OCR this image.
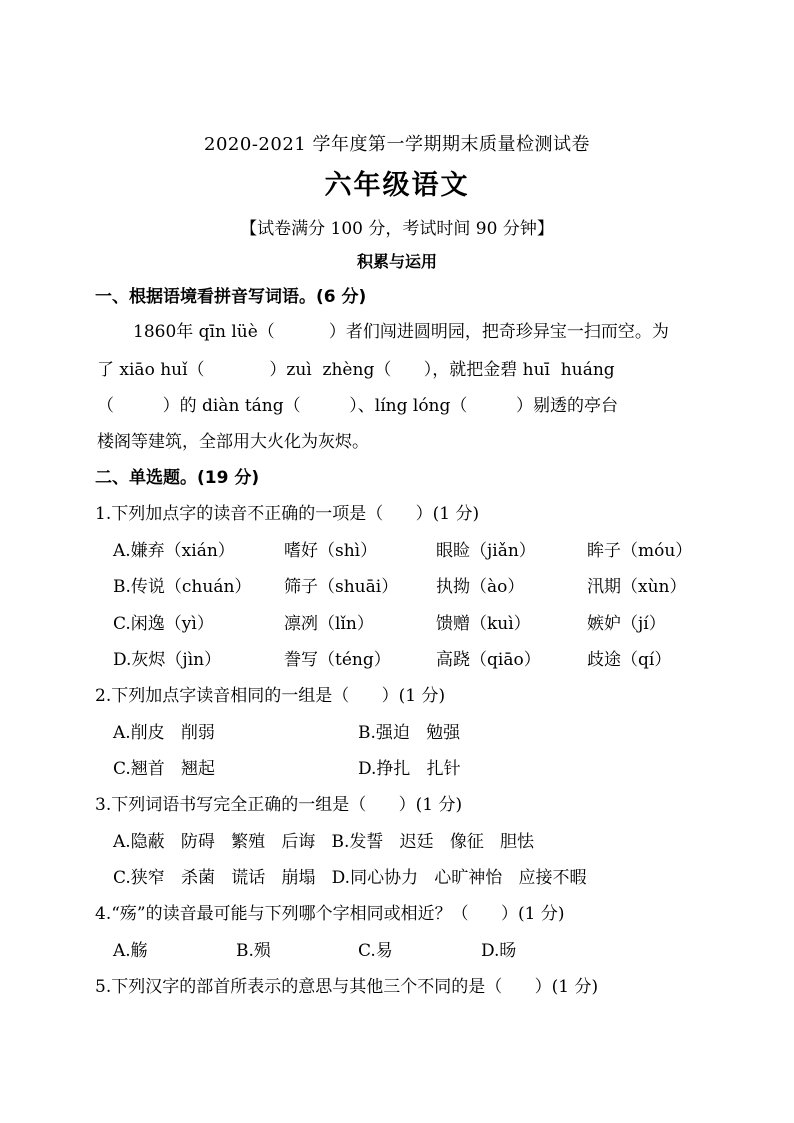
2020-2021 学年度第一学期期末质量检测试卷
六年级语文
【试卷满分 100 分，考试时间 90 分钟】
积累与运用
一、根据语境看拼音写词语。(6 分)
1860年 qīn lüè（          ）者们闯进圆明园，把奇珍异宝一扫而空。为
了 xiāo huǐ（            ）zuì  zhèng（      ），就把金碧 huī  huáng
（         ）的 diàn táng（         ）、líng lóng（         ）剔透的亭台
楼阁等建筑，全部用大火化为灰烬。
二、单选题。(19 分)
1.下列加点字的读音不正确的一项是（      ）(1 分)
A.嫌弃（xián）	嗜好（shì）	眼睑（jiǎn）	眸子（móu）
B.传说（chuán） 筛子（shuāi） 执拗（ào）	汛期（xùn）
C.闲逸（yì）	凛冽（lǐn）	馈赠（kuì）	嫉妒（jí）
D.灰烬（jìn）	誊写（téng）	高跷（qiāo）	歧途（qí）
2.下列加点字读音相同的一组是（      ）(1 分)
A.削皮   削弱	B.强迫   勉强
C.翘首   翘起	D.挣扎   扎针
3.下列词语书写完全正确的一组是（      ）(1 分)
A.隐蔽   防碍   繁殖   后诲   B.发誓   迟廷   像征   胆怯
C.狭窄   杀菌   谎话   崩塌   D.同心协力   心旷神怡   应接不暇
4.“殇”的读音最可能与下列哪个字相同或相近？（      ）(1 分)
A.觞	B.殒	C.易	D.旸
5.下列汉字的部首所表示的意思与其他三个不同的是（      ）(1 分)
